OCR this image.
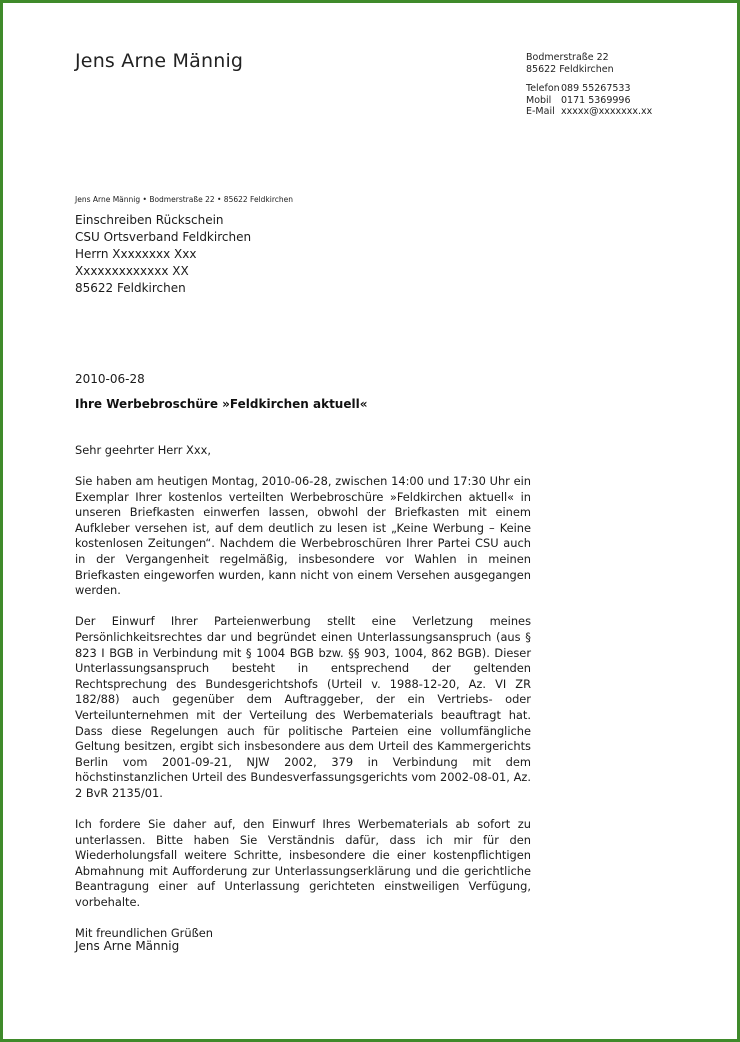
Jens Arne Männig	Bodmerstraße 22
85622 Feldkirchen
Telefon089 55267533
Mobil 0171 5369996
E-Mail xxxxx@xxxxxxx.xx
Jens Arne Männig • Bodmerstraße 22 • 85622 Feldkirchen
Einschreiben Rückschein
CSU Ortsverband Feldkirchen
Herrn Xxxxxxxx Xxx
Xxxxxxxxxxxxx XX
85622 Feldkirchen
2010-06-28
Ihre Werbebroschüre »Feldkirchen aktuell«

Sehr geehrter Herr Xxx,

Sie haben am heutigen Montag, 2010-06-28, zwischen 14:00 und 17:30 Uhr ein Exemplar Ihrer kostenlos verteilten Werbebroschüre »Feldkirchen aktuell« in unseren Briefkasten einwerfen lassen, obwohl der Briefkasten mit einem Aufkleber versehen ist, auf dem deutlich zu lesen ist „Keine Werbung – Keine kostenlosen Zeitungen“. Nachdem die Werbebroschüren Ihrer Partei CSU auch in der Vergangenheit regelmäßig, insbesondere vor Wahlen in meinen Briefkasten eingeworfen wurden, kann nicht von einem Versehen ausgegangen werden.

Der Einwurf Ihrer Parteienwerbung stellt eine Verletzung meines Persönlichkeitsrechtes dar und begründet einen Unterlassungsanspruch (aus § 823 I BGB in Verbindung mit § 1004 BGB bzw. §§ 903, 1004, 862 BGB). Dieser Unterlassungsanspruch besteht in entsprechend der geltenden Rechtsprechung des Bundesgerichtshofs (Urteil v. 1988-12-20, Az. VI ZR 182/88) auch gegenüber dem Auftraggeber, der ein Vertriebs- oder Verteilunternehmen mit der Verteilung des Werbematerials beauftragt hat. Dass diese Regelungen auch für politische Parteien eine vollumfängliche Geltung besitzen, ergibt sich insbesondere aus dem Urteil des Kammergerichts Berlin vom 2001-09-21, NJW 2002, 379 in Verbindung mit dem höchstinstanzlichen Urteil des Bundesverfassungsgerichts vom 2002-08-01, Az. 2 BvR 2135/01.

Ich fordere Sie daher auf, den Einwurf Ihres Werbematerials ab sofort zu unterlassen. Bitte haben Sie Verständnis dafür, dass ich mir für den Wiederholungsfall weitere Schritte, insbesondere die einer kostenpflichtigen Abmahnung mit Aufforderung zur Unterlassungserklärung und die gerichtliche Beantragung einer auf Unterlassung gerichteten einstweiligen Verfügung, vorbehalte.

Mit freundlichen Grüßen

Jens Arne Männig
